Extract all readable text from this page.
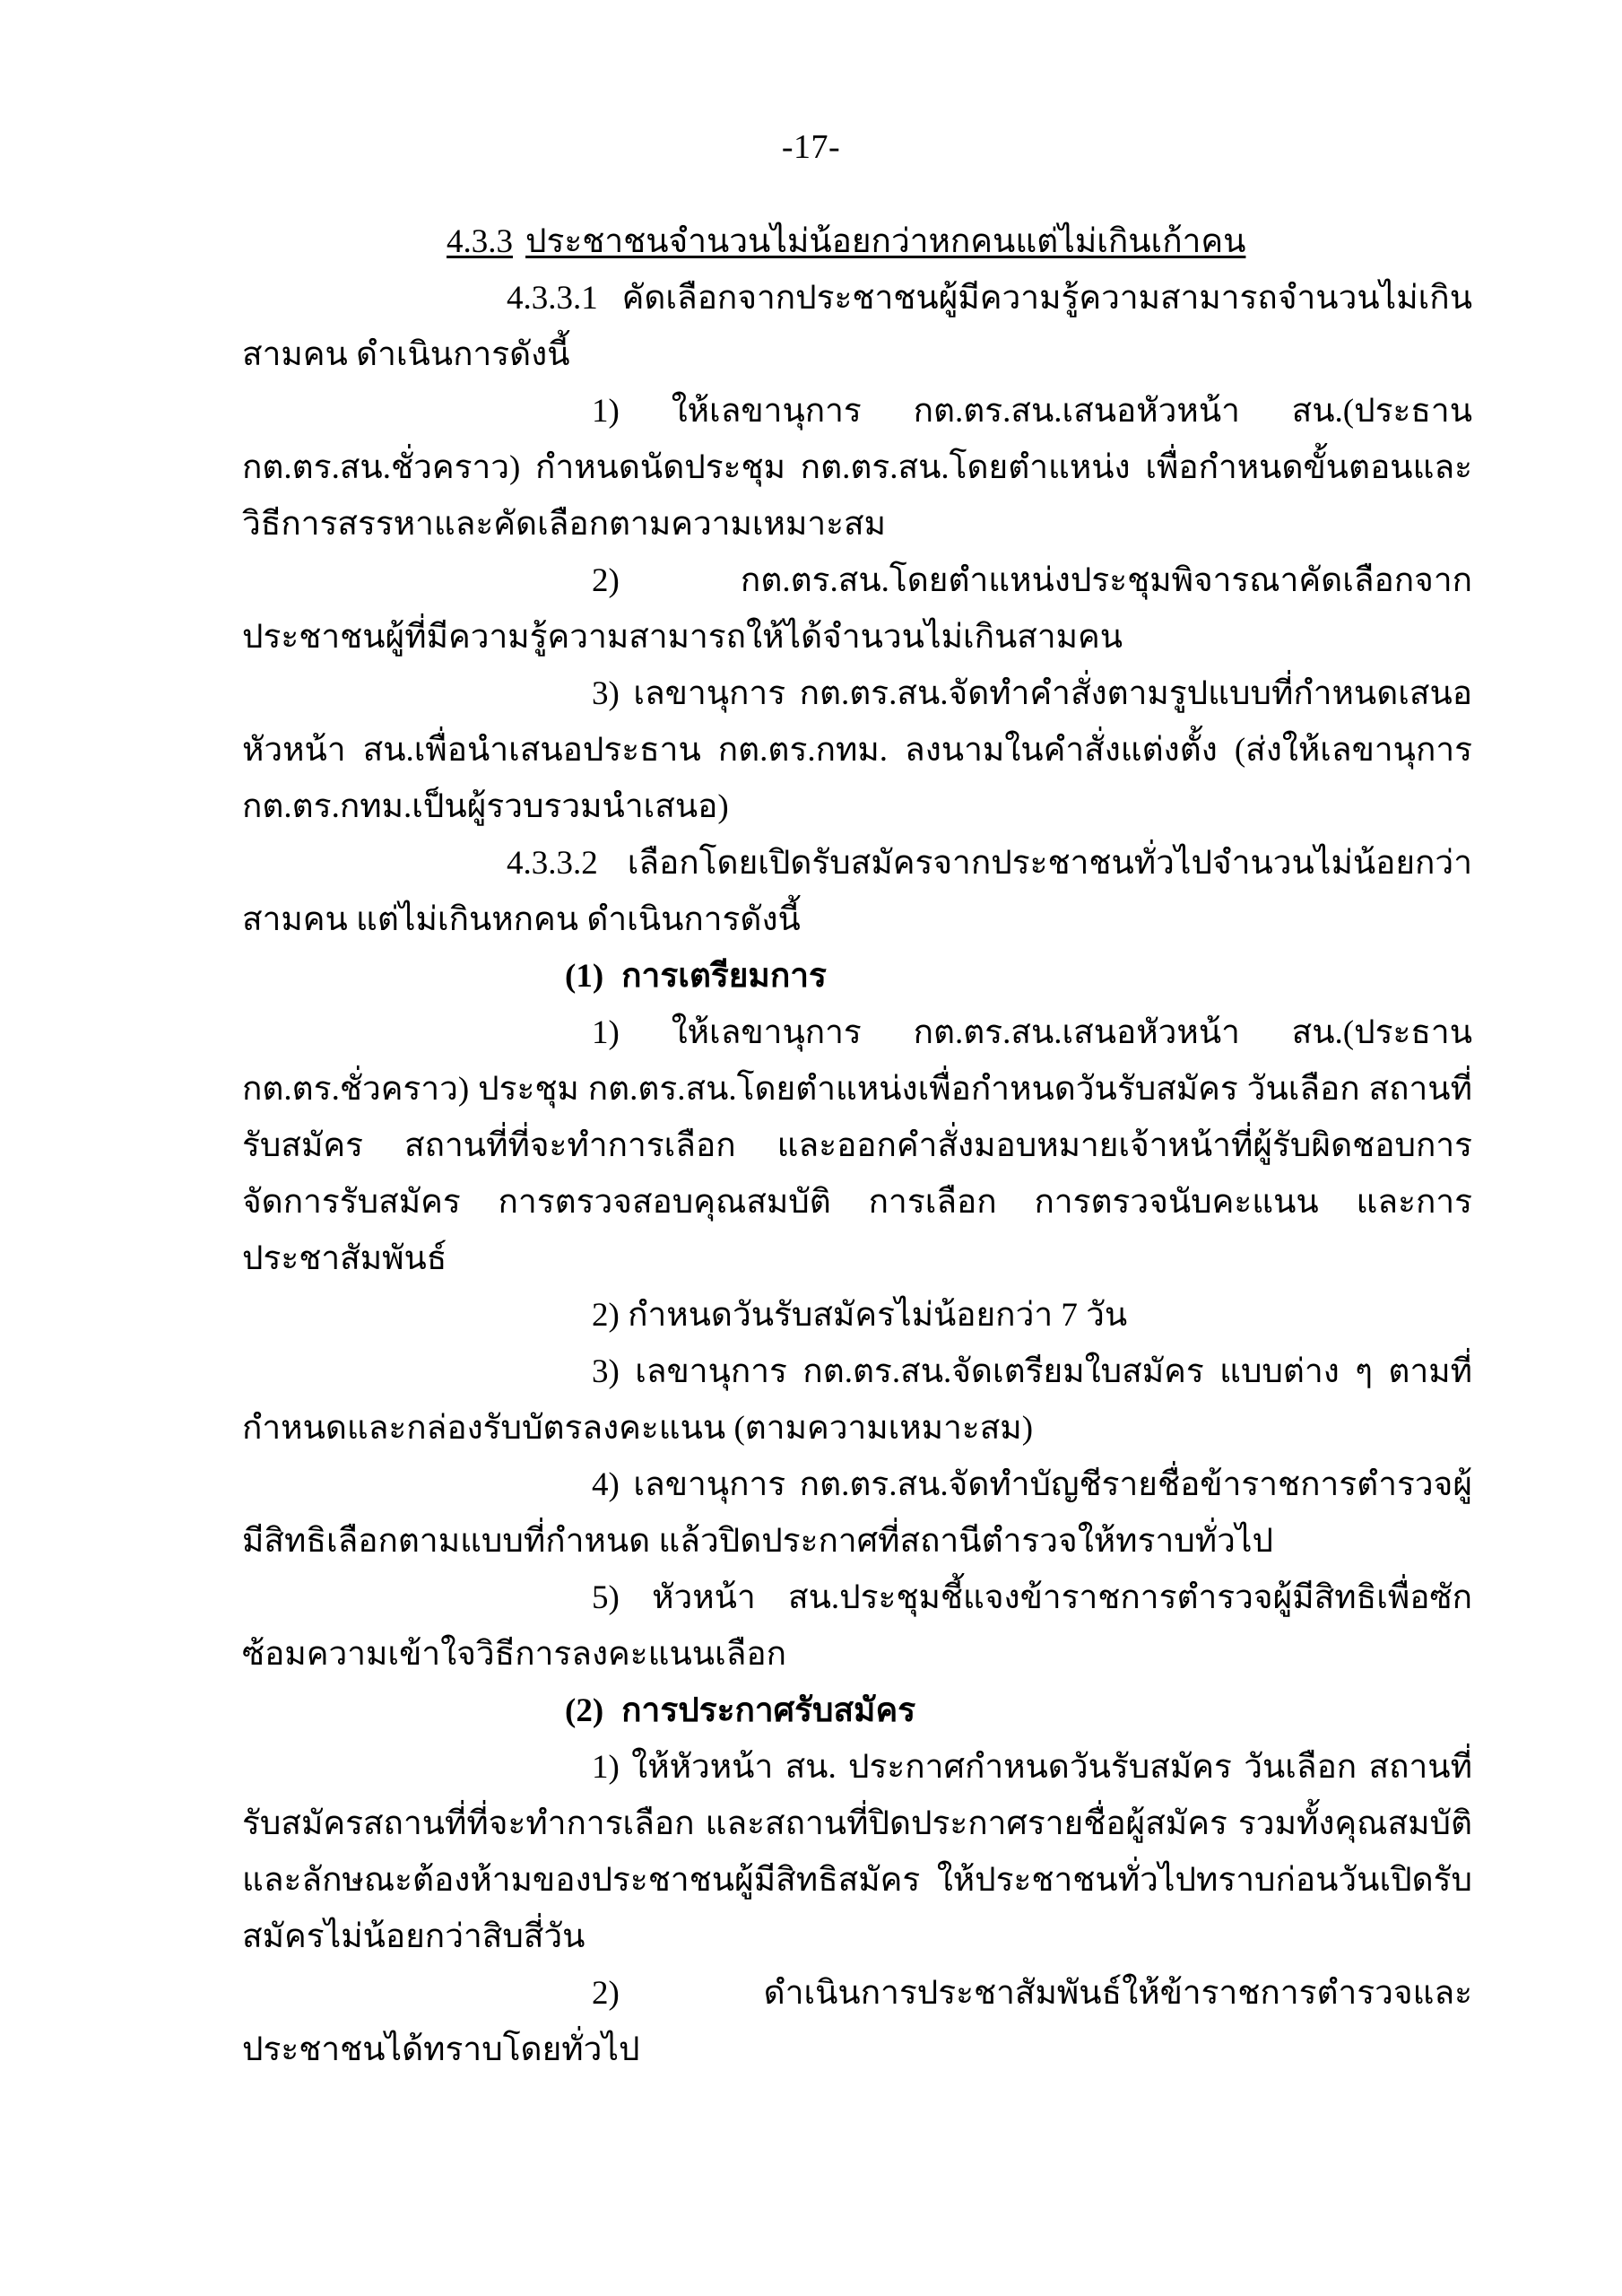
-17-

4.3.3 ประชาชนจำนวนไม่น้อยกว่าหกคนแต่ไม่เกินเก้าคน

4.3.3.1 คัดเลือกจากประชาชนผู้มีความรู้ความสามารถจำนวนไม่เกินสามคน ดำเนินการดังนี้

1) ให้เลขานุการ กต.ตร.สน.เสนอหัวหน้า สน.(ประธาน กต.ตร.สน.ชั่วคราว) กำหนดนัดประชุม กต.ตร.สน.โดยตำแหน่ง เพื่อกำหนดขั้นตอนและวิธีการสรรหาและคัดเลือกตามความเหมาะสม

2) กต.ตร.สน.โดยตำแหน่งประชุมพิจารณาคัดเลือกจากประชาชนผู้ที่มีความรู้ความสามารถให้ได้จำนวนไม่เกินสามคน

3) เลขานุการ กต.ตร.สน.จัดทำคำสั่งตามรูปแบบที่กำหนดเสนอหัวหน้า สน.เพื่อนำเสนอประธาน กต.ตร.กทม. ลงนามในคำสั่งแต่งตั้ง (ส่งให้เลขานุการ กต.ตร.กทม.เป็นผู้รวบรวมนำเสนอ)

4.3.3.2 เลือกโดยเปิดรับสมัครจากประชาชนทั่วไปจำนวนไม่น้อยกว่าสามคน แต่ไม่เกินหกคน ดำเนินการดังนี้

(1) การเตรียมการ

1) ให้เลขานุการ กต.ตร.สน.เสนอหัวหน้า สน.(ประธาน กต.ตร.ชั่วคราว) ประชุม กต.ตร.สน.โดยตำแหน่งเพื่อกำหนดวันรับสมัคร วันเลือก สถานที่รับสมัคร สถานที่ที่จะทำการเลือก และออกคำสั่งมอบหมายเจ้าหน้าที่ผู้รับผิดชอบการจัดการรับสมัคร การตรวจสอบคุณสมบัติ การเลือก การตรวจนับคะแนน และการประชาสัมพันธ์

2) กำหนดวันรับสมัครไม่น้อยกว่า 7 วัน

3) เลขานุการ กต.ตร.สน.จัดเตรียมใบสมัคร แบบต่าง ๆ ตามที่กำหนดและกล่องรับบัตรลงคะแนน (ตามความเหมาะสม)

4) เลขานุการ กต.ตร.สน.จัดทำบัญชีรายชื่อข้าราชการตำรวจผู้มีสิทธิเลือกตามแบบที่กำหนด แล้วปิดประกาศที่สถานีตำรวจให้ทราบทั่วไป

5) หัวหน้า สน.ประชุมชี้แจงข้าราชการตำรวจผู้มีสิทธิเพื่อซักซ้อมความเข้าใจวิธีการลงคะแนนเลือก

(2) การประกาศรับสมัคร

1) ให้หัวหน้า สน. ประกาศกำหนดวันรับสมัคร วันเลือก สถานที่รับสมัครสถานที่ที่จะทำการเลือก และสถานที่ปิดประกาศรายชื่อผู้สมัคร รวมทั้งคุณสมบัติและลักษณะต้องห้ามของประชาชนผู้มีสิทธิสมัคร ให้ประชาชนทั่วไปทราบก่อนวันเปิดรับสมัครไม่น้อยกว่าสิบสี่วัน

2) ดำเนินการประชาสัมพันธ์ให้ข้าราชการตำรวจและประชาชนได้ทราบโดยทั่วไป
